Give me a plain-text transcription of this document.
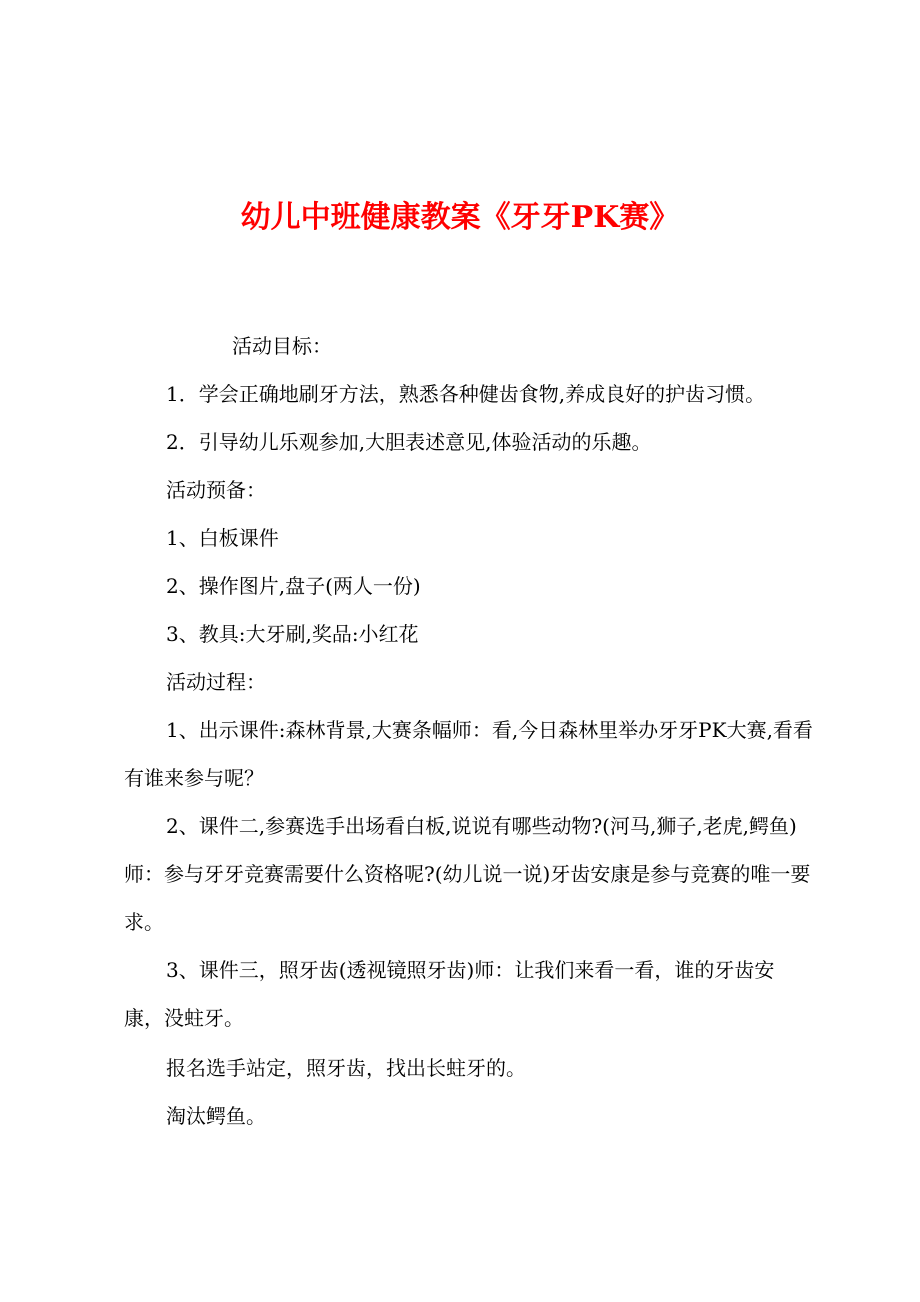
幼儿中班健康教案《牙牙PK赛》
活动目标：
1．学会正确地刷牙方法，熟悉各种健齿食物,养成良好的护齿习惯。
2．引导幼儿乐观参加,大胆表述意见,体验活动的乐趣。
活动预备：
1、白板课件
2、操作图片,盘子(两人一份)
3、教具:大牙刷,奖品:小红花
活动过程：
1、出示课件:森林背景,大赛条幅师：看,今日森林里举办牙牙PK大赛,看看有谁来参与呢？
2、课件二,参赛选手出场看白板,说说有哪些动物?(河马,狮子,老虎,鳄鱼)师：参与牙牙竞赛需要什么资格呢?(幼儿说一说)牙齿安康是参与竞赛的唯一要求。
3、课件三，照牙齿(透视镜照牙齿)师：让我们来看一看，谁的牙齿安康，没蛀牙。
报名选手站定，照牙齿，找出长蛀牙的。
淘汰鳄鱼。
